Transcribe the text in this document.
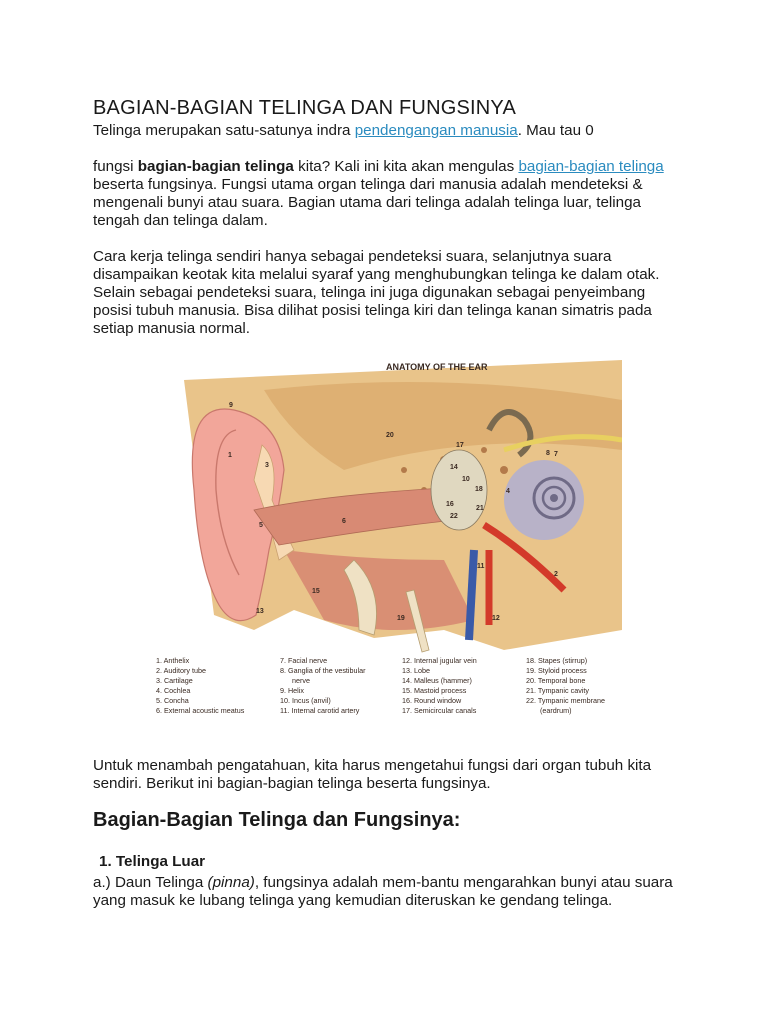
BAGIAN-BAGIAN TELINGA DAN FUNGSINYA

Telinga merupakan satu-satunya indra pendengangan manusia. Mau tau 0

fungsi bagian-bagian telinga kita? Kali ini kita akan mengulas bagian-bagian telinga beserta fungsinya. Fungsi utama organ telinga dari manusia adalah mendeteksi & mengenali bunyi atau suara. Bagian utama dari telinga adalah telinga luar, telinga tengah dan telinga dalam.

Cara kerja telinga sendiri hanya sebagai pendeteksi suara, selanjutnya suara disampaikan keotak kita melalui syaraf yang menghubungkan telinga ke dalam otak. Selain sebagai pendeteksi suara, telinga ini juga digunakan sebagai penyeimbang posisi tubuh manusia. Bisa dilihat posisi telinga kiri dan telinga kanan simatris pada setiap manusia normal.

ANATOMY OF THE EAR
9
1
3
5
6
13
15
10
20
17
14
18
7
8
4
2
11
12
16
19
21
22
1. Anthelix
2. Auditory tube
3. Cartilage
4. Cochlea
5. Concha
6. External acoustic meatus
7. Facial nerve
8. Ganglia of the vestibular
nerve
9. Helix
10. Incus (anvil)
11. Internal carotid artery
12. Internal jugular vein
13. Lobe
14. Malleus (hammer)
15. Mastoid process
16. Round window
17. Semicircular canals
18. Stapes (stirrup)
19. Styloid process
20. Temporal bone
21. Tympanic cavity
22. Tympanic membrane
(eardrum)

Untuk menambah pengatahuan, kita harus mengetahui fungsi dari organ tubuh kita sendiri. Berikut ini bagian-bagian telinga beserta fungsinya.

Bagian-Bagian Telinga dan Fungsinya:

1. Telinga Luar

a.) Daun Telinga (pinna), fungsinya adalah mem-bantu mengarahkan bunyi atau suara yang masuk ke lubang telinga yang kemudian diteruskan ke gendang telinga.
